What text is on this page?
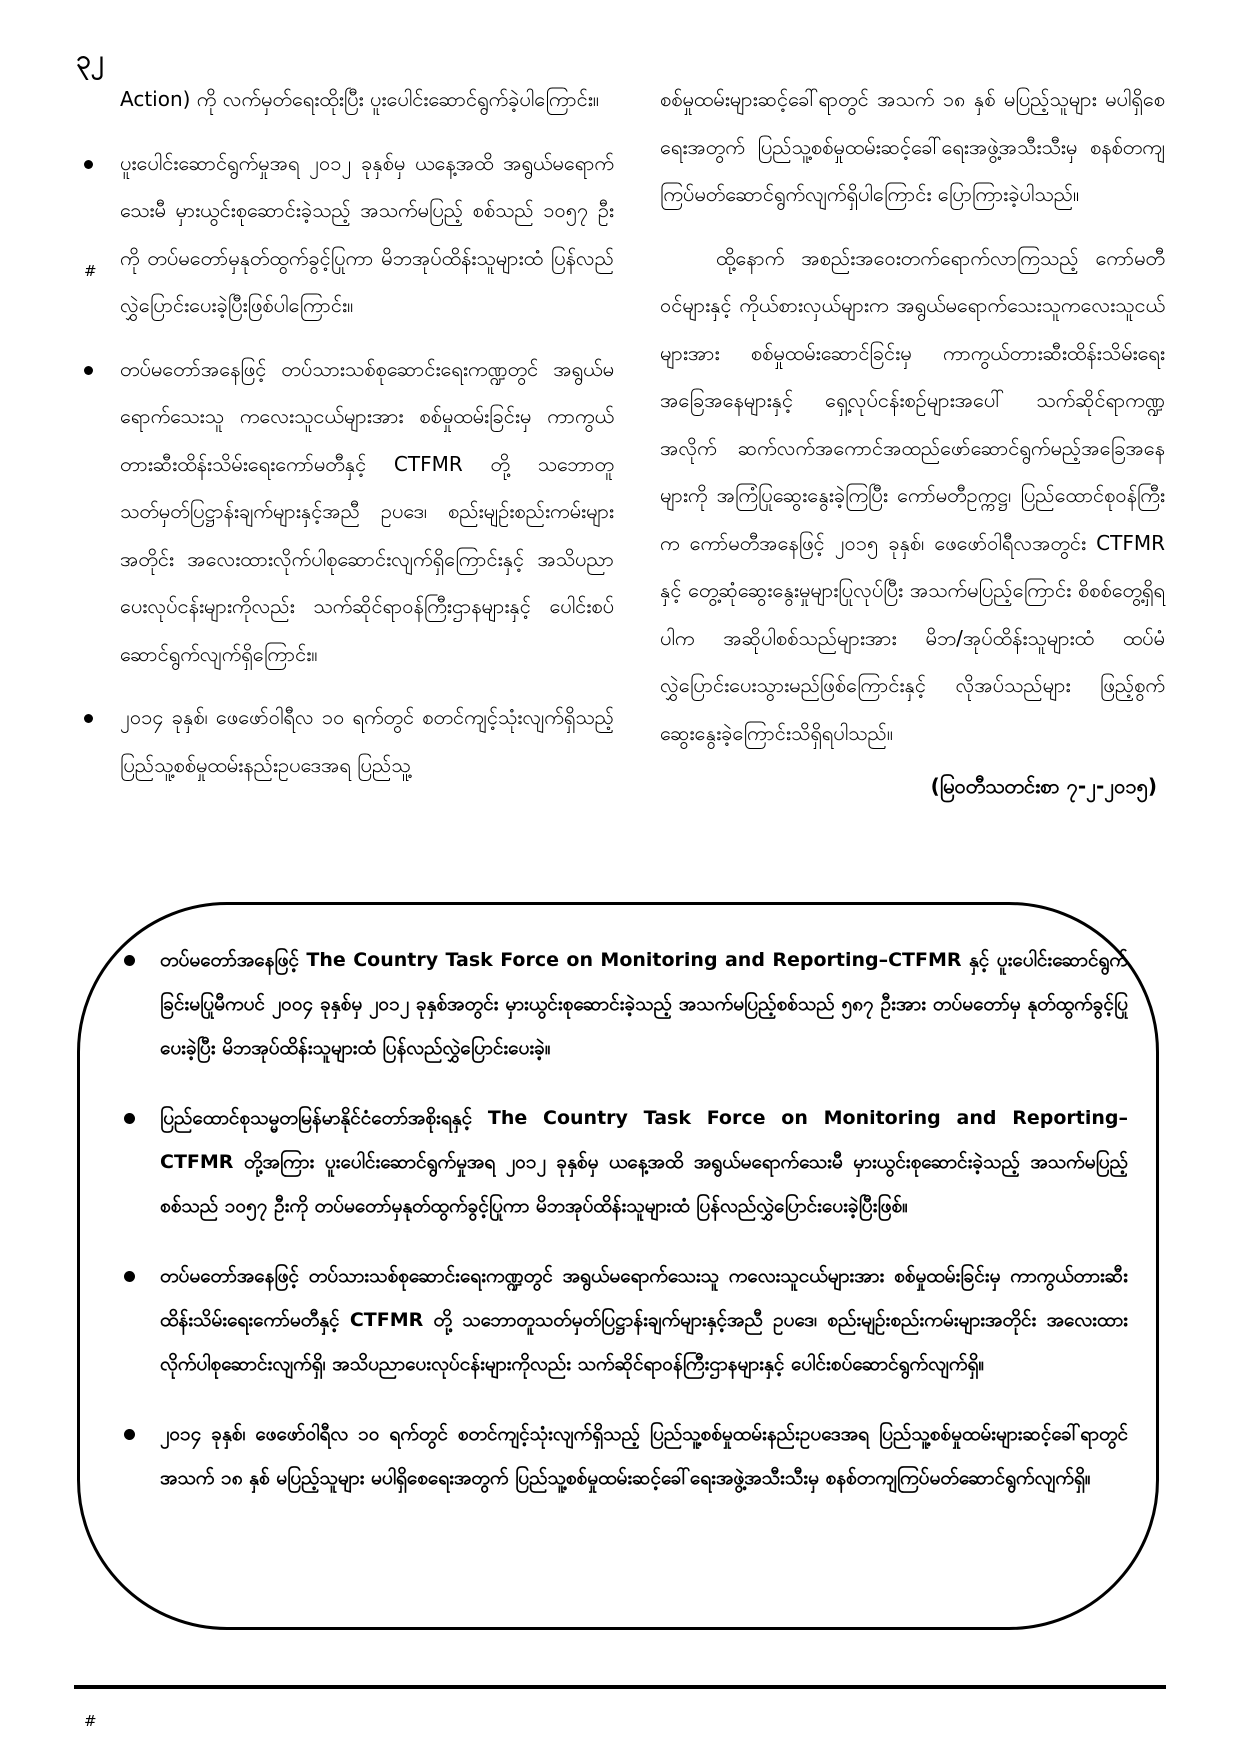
၃၂
#

Action) ကို လက်မှတ်ရေးထိုးပြီး ပူးပေါင်းဆောင်ရွက်ခဲ့ပါကြောင်း။

ပူးပေါင်းဆောင်ရွက်မှုအရ ၂၀၁၂ ခုနှစ်မှ ယနေ့အထိ အရွယ်မရောက်သေးမီ မှားယွင်းစုဆောင်းခဲ့သည့် အသက်မပြည့် စစ်သည် ၁၀၅၇ ဦးကို တပ်မတော်မှနုတ်ထွက်ခွင့်ပြုကာ မိဘအုပ်ထိန်းသူများထံ ပြန်လည်လွှဲပြောင်းပေးခဲ့ပြီးဖြစ်ပါကြောင်း။
တပ်မတော်အနေဖြင့် တပ်သားသစ်စုဆောင်းရေးကဏ္ဍတွင် အရွယ်မရောက်သေးသူ ကလေးသူငယ်များအား စစ်မှုထမ်းခြင်းမှ ကာကွယ်တားဆီးထိန်းသိမ်းရေးကော်မတီနှင့် CTFMR တို့ သဘောတူသတ်မှတ်ပြဋ္ဌာန်းချက်များနှင့်အညီ ဥပဒေ၊ စည်းမျဉ်းစည်းကမ်းများအတိုင်း အလေးထားလိုက်ပါစုဆောင်းလျက်ရှိကြောင်းနှင့် အသိပညာပေးလုပ်ငန်းများကိုလည်း သက်ဆိုင်ရာဝန်ကြီးဌာနများနှင့် ပေါင်းစပ်ဆောင်ရွက်လျက်ရှိကြောင်း။
၂၀၁၄ ခုနှစ်၊ ဖေဖော်ဝါရီလ ၁၀ ရက်တွင် စတင်ကျင့်သုံးလျက်ရှိသည့် ပြည်သူ့စစ်မှုထမ်းနည်းဥပဒေအရ ပြည်သူ့

စစ်မှုထမ်းများဆင့်ခေါ်ရာတွင် အသက် ၁၈ နှစ် မပြည့်သူများ မပါရှိစေရေးအတွက် ပြည်သူ့စစ်မှုထမ်းဆင့်ခေါ်ရေးအဖွဲ့အသီးသီးမှ စနစ်တကျကြပ်မတ်ဆောင်ရွက်လျက်ရှိပါကြောင်း ပြောကြားခဲ့ပါသည်။

ထို့နောက် အစည်းအဝေးတက်ရောက်လာကြသည့် ကော်မတီဝင်များနှင့် ကိုယ်စားလှယ်များက အရွယ်မရောက်သေးသူကလေးသူငယ်များအား စစ်မှုထမ်းဆောင်ခြင်းမှ ကာကွယ်တားဆီးထိန်းသိမ်းရေးအခြေအနေများနှင့် ရှေ့လုပ်ငန်းစဉ်များအပေါ် သက်ဆိုင်ရာကဏ္ဍအလိုက် ဆက်လက်အကောင်အထည်ဖော်ဆောင်ရွက်မည့်အခြေအနေများကို အကြံပြုဆွေးနွေးခဲ့ကြပြီး ကော်မတီဥက္ကဋ္ဌ၊ ပြည်ထောင်စုဝန်ကြီးက ကော်မတီအနေဖြင့် ၂၀၁၅ ခုနှစ်၊ ဖေဖော်ဝါရီလအတွင်း CTFMR နှင့် တွေ့ဆုံဆွေးနွေးမှုများပြုလုပ်ပြီး အသက်မပြည့်ကြောင်း စိစစ်တွေ့ရှိရပါက အဆိုပါစစ်သည်များအား မိဘ/အုပ်ထိန်းသူများထံ ထပ်မံလွှဲပြောင်းပေးသွားမည်ဖြစ်ကြောင်းနှင့် လိုအပ်သည်များ ဖြည့်စွက်ဆွေးနွေးခဲ့ကြောင်းသိရှိရပါသည်။

(မြဝတီသတင်းစာ ၇-၂-၂၀၁၅)

တပ်မတော်အနေဖြင့် The Country Task Force on Monitoring and Reporting–CTFMR နှင့် ပူးပေါင်းဆောင်ရွက်ခြင်းမပြုမီကပင် ၂၀၀၄ ခုနှစ်မှ ၂၀၁၂ ခုနှစ်အတွင်း မှားယွင်းစုဆောင်းခဲ့သည့် အသက်မပြည့်စစ်သည် ၅၈၇ ဦးအား တပ်မတော်မှ နုတ်ထွက်ခွင့်ပြုပေးခဲ့ပြီး မိဘအုပ်ထိန်းသူများထံ ပြန်လည်လွှဲပြောင်းပေးခဲ့။
ပြည်ထောင်စုသမ္မတမြန်မာနိုင်ငံတော်အစိုးရနှင့် The Country Task Force on Monitoring and Reporting–CTFMR တို့အကြား ပူးပေါင်းဆောင်ရွက်မှုအရ ၂၀၁၂ ခုနှစ်မှ ယနေ့အထိ အရွယ်မရောက်သေးမီ မှားယွင်းစုဆောင်းခဲ့သည့် အသက်မပြည့် စစ်သည် ၁၀၅၇ ဦးကို တပ်မတော်မှနုတ်ထွက်ခွင့်ပြုကာ မိဘအုပ်ထိန်းသူများထံ ပြန်လည်လွှဲပြောင်းပေးခဲ့ပြီးဖြစ်။
တပ်မတော်အနေဖြင့် တပ်သားသစ်စုဆောင်းရေးကဏ္ဍတွင် အရွယ်မရောက်သေးသူ ကလေးသူငယ်များအား စစ်မှုထမ်းခြင်းမှ ကာကွယ်တားဆီးထိန်းသိမ်းရေးကော်မတီနှင့် CTFMR တို့ သဘောတူသတ်မှတ်ပြဋ္ဌာန်းချက်များနှင့်အညီ ဥပဒေ၊ စည်းမျဉ်းစည်းကမ်းများအတိုင်း အလေးထားလိုက်ပါစုဆောင်းလျက်ရှိ၊ အသိပညာပေးလုပ်ငန်းများကိုလည်း သက်ဆိုင်ရာဝန်ကြီးဌာနများနှင့် ပေါင်းစပ်ဆောင်ရွက်လျက်ရှိ။
၂၀၁၄ ခုနှစ်၊ ဖေဖော်ဝါရီလ ၁၀ ရက်တွင် စတင်ကျင့်သုံးလျက်ရှိသည့် ပြည်သူ့စစ်မှုထမ်းနည်းဥပဒေအရ ပြည်သူ့စစ်မှုထမ်းများဆင့်ခေါ်ရာတွင် အသက် ၁၈ နှစ် မပြည့်သူများ မပါရှိစေရေးအတွက် ပြည်သူ့စစ်မှုထမ်းဆင့်ခေါ်ရေးအဖွဲ့အသီးသီးမှ စနစ်တကျကြပ်မတ်ဆောင်ရွက်လျက်ရှိ။
#
